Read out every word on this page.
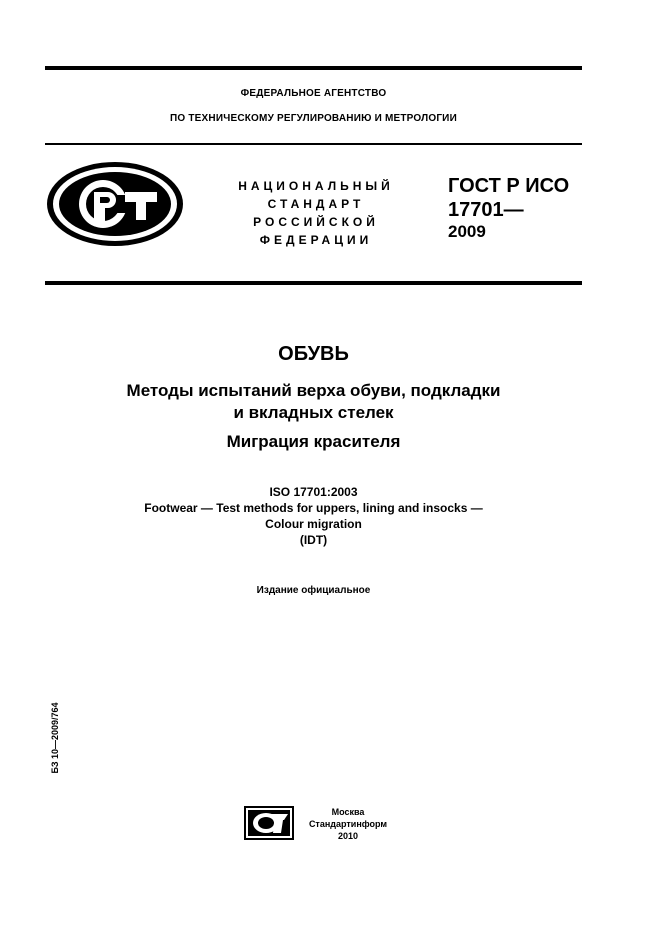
ФЕДЕРАЛЬНОЕ АГЕНТСТВО
ПО ТЕХНИЧЕСКОМУ РЕГУЛИРОВАНИЮ И МЕТРОЛОГИИ
НАЦИОНАЛЬНЫЙ
СТАНДАРТ
РОССИЙСКОЙ
ФЕДЕРАЦИИ
ГОСТ Р ИСО
17701—
2009
ОБУВЬ
Методы испытаний верха обуви, подкладки
и вкладных стелек
Миграция красителя
ISO 17701:2003
Footwear — Test methods for uppers, lining and insocks —
Colour migration
(IDT)
Издание официальное
БЗ 10—2009/764
Москва
Стандартинформ
2010
